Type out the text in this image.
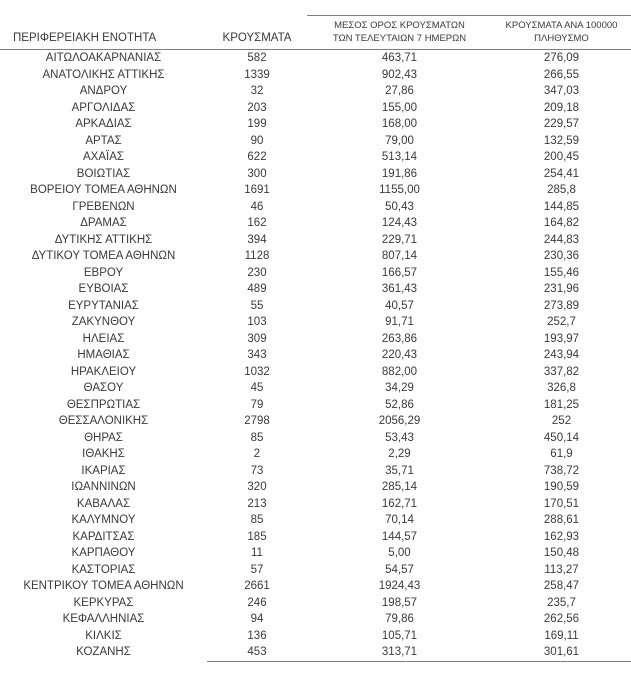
ΠΕΡΙΦΕΡΕΙΑΚΗ ΕΝΟΤΗΤΑ	ΚΡΟΥΣΜΑΤΑ	
ΜΕΣΟΣ ΟΡΟΣ ΚΡΟΥΣΜΑΤΩΝ
ΤΩΝ ΤΕΛΕΥΤΑΙΩΝ 7 ΗΜΕΡΩΝ

ΚΡΟΥΣΜΑΤΑ ΑΝΑ 100000
ΠΛΗΘΥΣΜΟ

ΑΙΤΩΛΟΑΚΑΡΝΑΝΙΑΣ	582	463,71	276,09
ΑΝΑΤΟΛΙΚΗΣ ΑΤΤΙΚΗΣ	1339	902,43	266,55
ΑΝΔΡΟΥ	32	27,86	347,03
ΑΡΓΟΛΙΔΑΣ	203	155,00	209,18
ΑΡΚΑΔΙΑΣ	199	168,00	229,57
ΑΡΤΑΣ	90	79,00	132,59
ΑΧΑΪΑΣ	622	513,14	200,45
ΒΟΙΩΤΙΑΣ	300	191,86	254,41
ΒΟΡΕΙΟΥ ΤΟΜΕΑ ΑΘΗΝΩΝ	1691	1155,00	285,8
ΓΡΕΒΕΝΩΝ	46	50,43	144,85
ΔΡΑΜΑΣ	162	124,43	164,82
ΔΥΤΙΚΗΣ ΑΤΤΙΚΗΣ	394	229,71	244,83
ΔΥΤΙΚΟΥ ΤΟΜΕΑ ΑΘΗΝΩΝ	1128	807,14	230,36
ΕΒΡΟΥ	230	166,57	155,46
ΕΥΒΟΙΑΣ	489	361,43	231,96
ΕΥΡΥΤΑΝΙΑΣ	55	40,57	273,89
ΖΑΚΥΝΘΟΥ	103	91,71	252,7
ΗΛΕΙΑΣ	309	263,86	193,97
ΗΜΑΘΙΑΣ	343	220,43	243,94
ΗΡΑΚΛΕΙΟΥ	1032	882,00	337,82
ΘΑΣΟΥ	45	34,29	326,8
ΘΕΣΠΡΩΤΙΑΣ	79	52,86	181,25
ΘΕΣΣΑΛΟΝΙΚΗΣ	2798	2056,29	252
ΘΗΡΑΣ	85	53,43	450,14
ΙΘΑΚΗΣ	2	2,29	61,9
ΙΚΑΡΙΑΣ	73	35,71	738,72
ΙΩΑΝΝΙΝΩΝ	320	285,14	190,59
ΚΑΒΑΛΑΣ	213	162,71	170,51
ΚΑΛΥΜΝΟΥ	85	70,14	288,61
ΚΑΡΔΙΤΣΑΣ	185	144,57	162,93
ΚΑΡΠΑΘΟΥ	11	5,00	150,48
ΚΑΣΤΟΡΙΑΣ	57	54,57	113,27
ΚΕΝΤΡΙΚΟΥ ΤΟΜΕΑ ΑΘΗΝΩΝ	2661	1924,43	258,47
ΚΕΡΚΥΡΑΣ	246	198,57	235,7
ΚΕΦΑΛΛΗΝΙΑΣ	94	79,86	262,56
ΚΙΛΚΙΣ	136	105,71	169,11
ΚΟΖΑΝΗΣ	453	313,71	301,61
